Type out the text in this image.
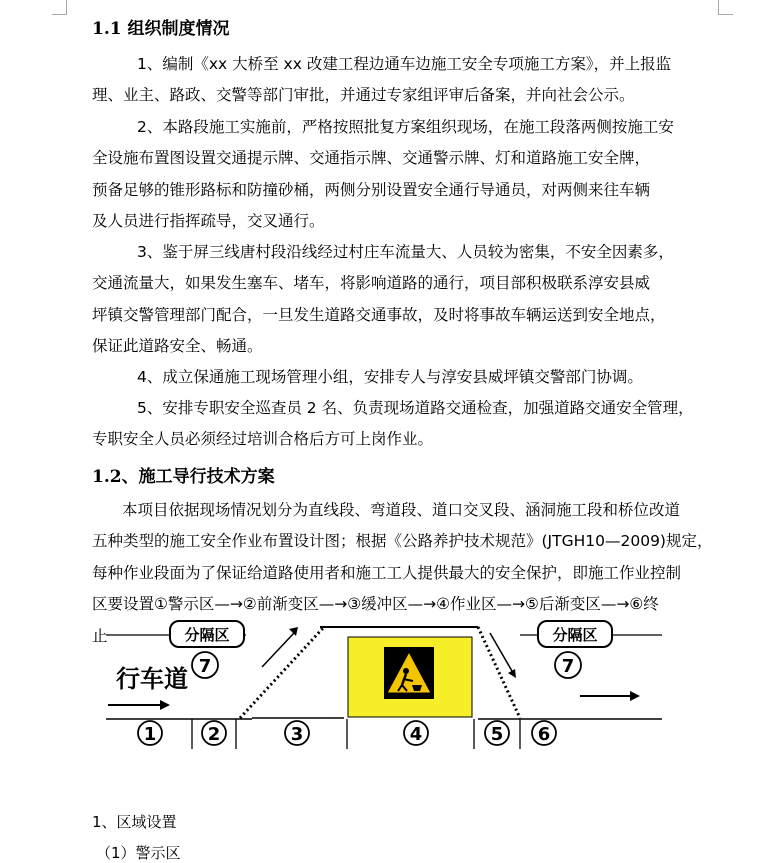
1.1 组织制度情况
1、编制《xx 大桥至 xx 改建工程边通车边施工安全专项施工方案》，并上报监
理、业主、路政、交警等部门审批，并通过专家组评审后备案，并向社会公示。
2、本路段施工实施前，严格按照批复方案组织现场，在施工段落两侧按施工安
全设施布置图设置交通提示牌、交通指示牌、交通警示牌、灯和道路施工安全牌，
预备足够的锥形路标和防撞砂桶，两侧分别设置安全通行导通员，对两侧来往车辆
及人员进行指挥疏导，交叉通行。
3、鉴于屏三线唐村段沿线经过村庄车流量大、人员较为密集，不安全因素多，
交通流量大，如果发生塞车、堵车，将影响道路的通行，项目部积极联系淳安县威
坪镇交警管理部门配合，一旦发生道路交通事故，及时将事故车辆运送到安全地点，
保证此道路安全、畅通。
4、成立保通施工现场管理小组，安排专人与淳安县威坪镇交警部门协调。
5、安排专职安全巡查员 2 名、负责现场道路交通检查，加强道路交通安全管理，
专职安全人员必须经过培训合格后方可上岗作业。
1.2、施工导行技术方案
本项目依据现场情况划分为直线段、弯道段、道口交叉段、涵洞施工段和桥位改道
五种类型的施工安全作业布置设计图；根据《公路养护技术规范》(JTGH10—2009)规定，
每种作业段面为了保证给道路使用者和施工工人提供最大的安全保护，即施工作业控制
区要设置①警示区—→②前渐变区—→③缓冲区—→④作业区—→⑤后渐变区—→⑥终
止	分隔区	分隔区
7	7
行车道
1	2	3	4	5 6
1、区域设置
（1）警示区
